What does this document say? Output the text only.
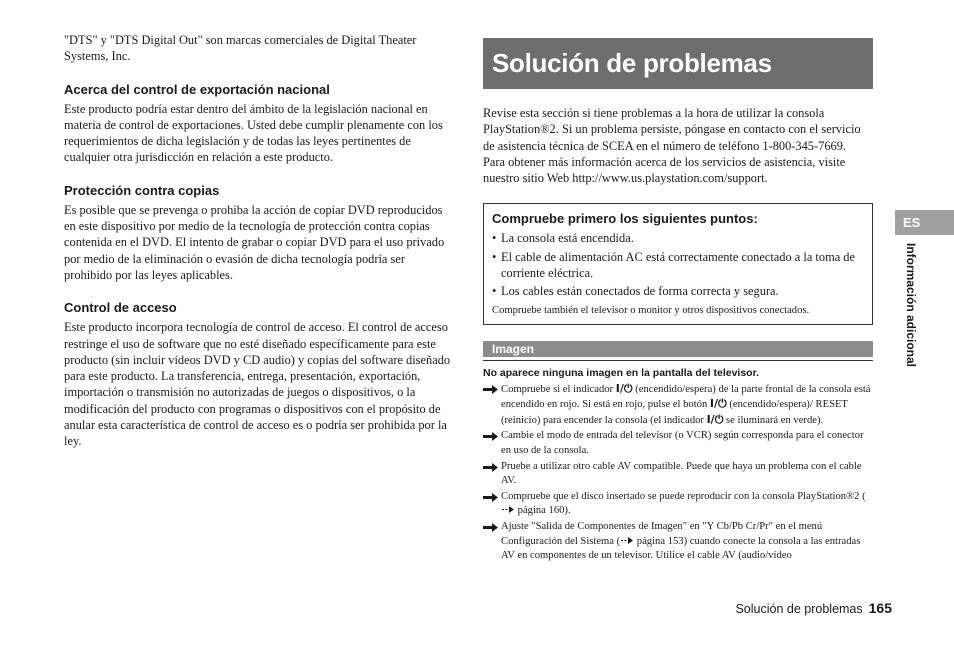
"DTS" y "DTS Digital Out" son marcas comerciales de Digital Theater Systems, Inc.

Acerca del control de exportación nacional

Este producto podría estar dentro del ámbito de la legislación nacional en materia de control de exportaciones. Usted debe cumplir plenamente con los requerimientos de dicha legislación y de todas las leyes pertinentes de cualquier otra jurisdicción en relación a este producto.

Protección contra copias

Es posible que se prevenga o prohiba la acción de copiar DVD reproducidos en este dispositivo por medio de la tecnología de protección contra copias contenida en el DVD. El intento de grabar o copiar DVD para el uso privado por medio de la eliminación o evasión de dicha tecnología podría ser prohibido por las leyes aplicables.

Control de acceso

Este producto incorpora tecnología de control de acceso. El control de acceso restringe el uso de software que no esté diseñado específicamente para este producto (sin incluir vídeos DVD y CD audio) y copias del software diseñado para este producto. La transferencia, entrega, presentación, exportación, importación o transmisión no autorizadas de juegos o dispositivos, o la modificación del producto con programas o dispositivos con el propósito de anular esta característica de control de acceso es o podría ser prohibida por la ley.

Solución de problemas

Revise esta sección si tiene problemas a la hora de utilizar la consola PlayStation®2. Si un problema persiste, póngase en contacto con el servicio de asistencia técnica de SCEA en el número de teléfono 1-800-345-7669.

Para obtener más información acerca de los servicios de asistencia, visite nuestro sitio Web http://www.us.playstation.com/support.

Compruebe primero los siguientes puntos:
• La consola está encendida.
• El cable de alimentación AC está correctamente conectado a la toma de corriente eléctrica.
• Los cables están conectados de forma correcta y segura.
Compruebe también el televisor o monitor y otros dispositivos conectados.
Imagen
No aparece ninguna imagen en la pantalla del televisor.
Compruebe si el indicador I/⏻ (encendido/espera) de la parte frontal de la consola está encendido en rojo. Si está en rojo, pulse el botón I/⏻ (encendido/espera)/ RESET (reinicio) para encender la consola (el indicador I/⏻ se iluminará en verde).
Cambie el modo de entrada del televisor (o VCR) según corresponda para el conector en uso de la consola.
Pruebe a utilizar otro cable AV compatible. Puede que haya un problema con el cable AV.
Compruebe que el disco insertado se puede reproducir con la consola PlayStation®2 ( página 160).
Ajuste "Salida de Componentes de Imagen" en "Y Cb/Pb Cr/Pr" en el menú Configuración del Sistema ( página 153) cuando conecte la consola a las entradas AV en componentes de un televisor. Utilice el cable AV (audio/vídeo
ES
Información adicional
Solución de problemas 165
